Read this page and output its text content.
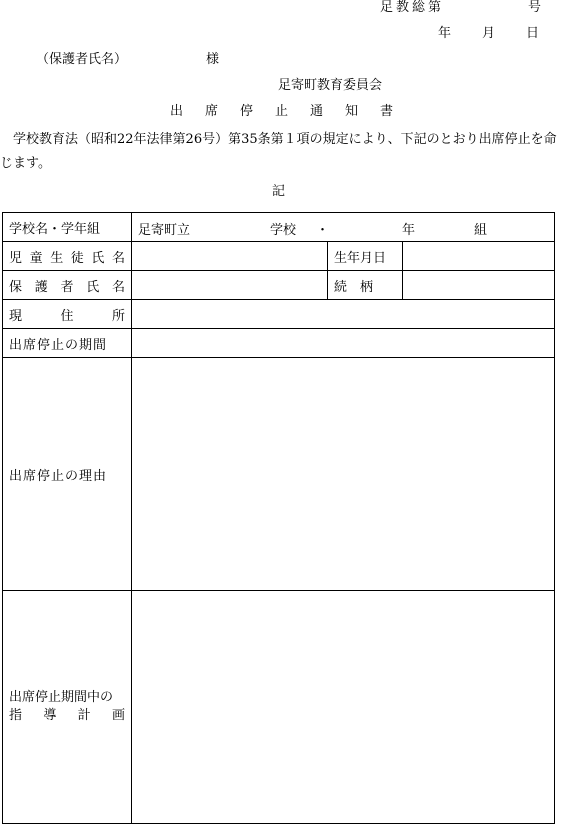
足教総第	号
年 月 日
（保護者氏名）	様
足寄町教育委員会
出席停止通知書
学校教育法（昭和22年法律第26号）第35条第１項の規定により、下記のとおり出席停止を命じます。
記
学校名・学年組	足寄町立 学校 ・ 年 組		

児童生徒氏名		生年月日	
保護者氏名		続　柄	
現住所			
出席停止の期間			
出席停止の理由			
出席停止期間中の
指導計画			
